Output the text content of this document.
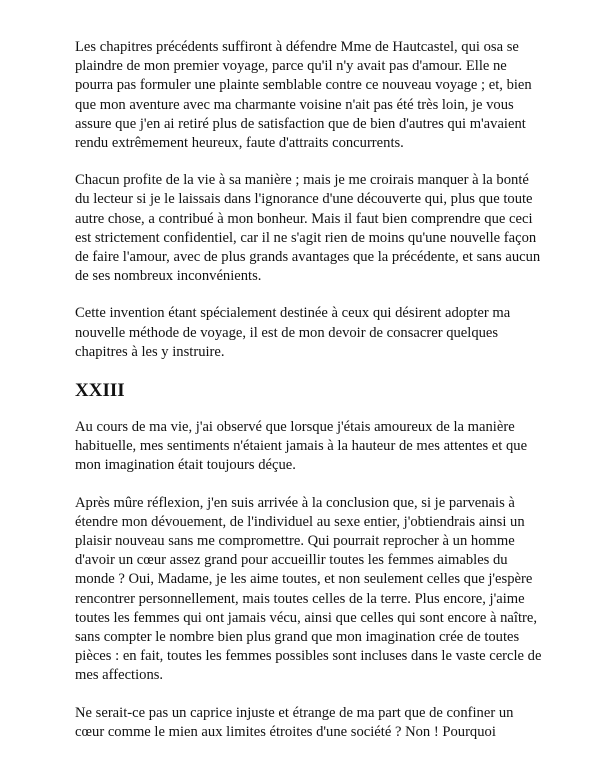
Les chapitres précédents suffiront à défendre Mme de Hautcastel, qui osa se plaindre de mon premier voyage, parce qu'il n'y avait pas d'amour. Elle ne pourra pas formuler une plainte semblable contre ce nouveau voyage ; et, bien que mon aventure avec ma charmante voisine n'ait pas été très loin, je vous assure que j'en ai retiré plus de satisfaction que de bien d'autres qui m'avaient rendu extrêmement heureux, faute d'attraits concurrents.

Chacun profite de la vie à sa manière ; mais je me croirais manquer à la bonté du lecteur si je le laissais dans l'ignorance d'une découverte qui, plus que toute autre chose, a contribué à mon bonheur. Mais il faut bien comprendre que ceci est strictement confidentiel, car il ne s'agit rien de moins qu'une nouvelle façon de faire l'amour, avec de plus grands avantages que la précédente, et sans aucun de ses nombreux inconvénients.

Cette invention étant spécialement destinée à ceux qui désirent adopter ma nouvelle méthode de voyage, il est de mon devoir de consacrer quelques chapitres à les y instruire.

XXIII

Au cours de ma vie, j'ai observé que lorsque j'étais amoureux de la manière habituelle, mes sentiments n'étaient jamais à la hauteur de mes attentes et que mon imagination était toujours déçue.

Après mûre réflexion, j'en suis arrivée à la conclusion que, si je parvenais à étendre mon dévouement, de l'individuel au sexe entier, j'obtiendrais ainsi un plaisir nouveau sans me compromettre. Qui pourrait reprocher à un homme d'avoir un cœur assez grand pour accueillir toutes les femmes aimables du monde ? Oui, Madame, je les aime toutes, et non seulement celles que j'espère rencontrer personnellement, mais toutes celles de la terre. Plus encore, j'aime toutes les femmes qui ont jamais vécu, ainsi que celles qui sont encore à naître, sans compter le nombre bien plus grand que mon imagination crée de toutes pièces : en fait, toutes les femmes possibles sont incluses dans le vaste cercle de mes affections.

Ne serait-ce pas un caprice injuste et étrange de ma part que de confiner un cœur comme le mien aux limites étroites d'une société ? Non ! Pourquoi
